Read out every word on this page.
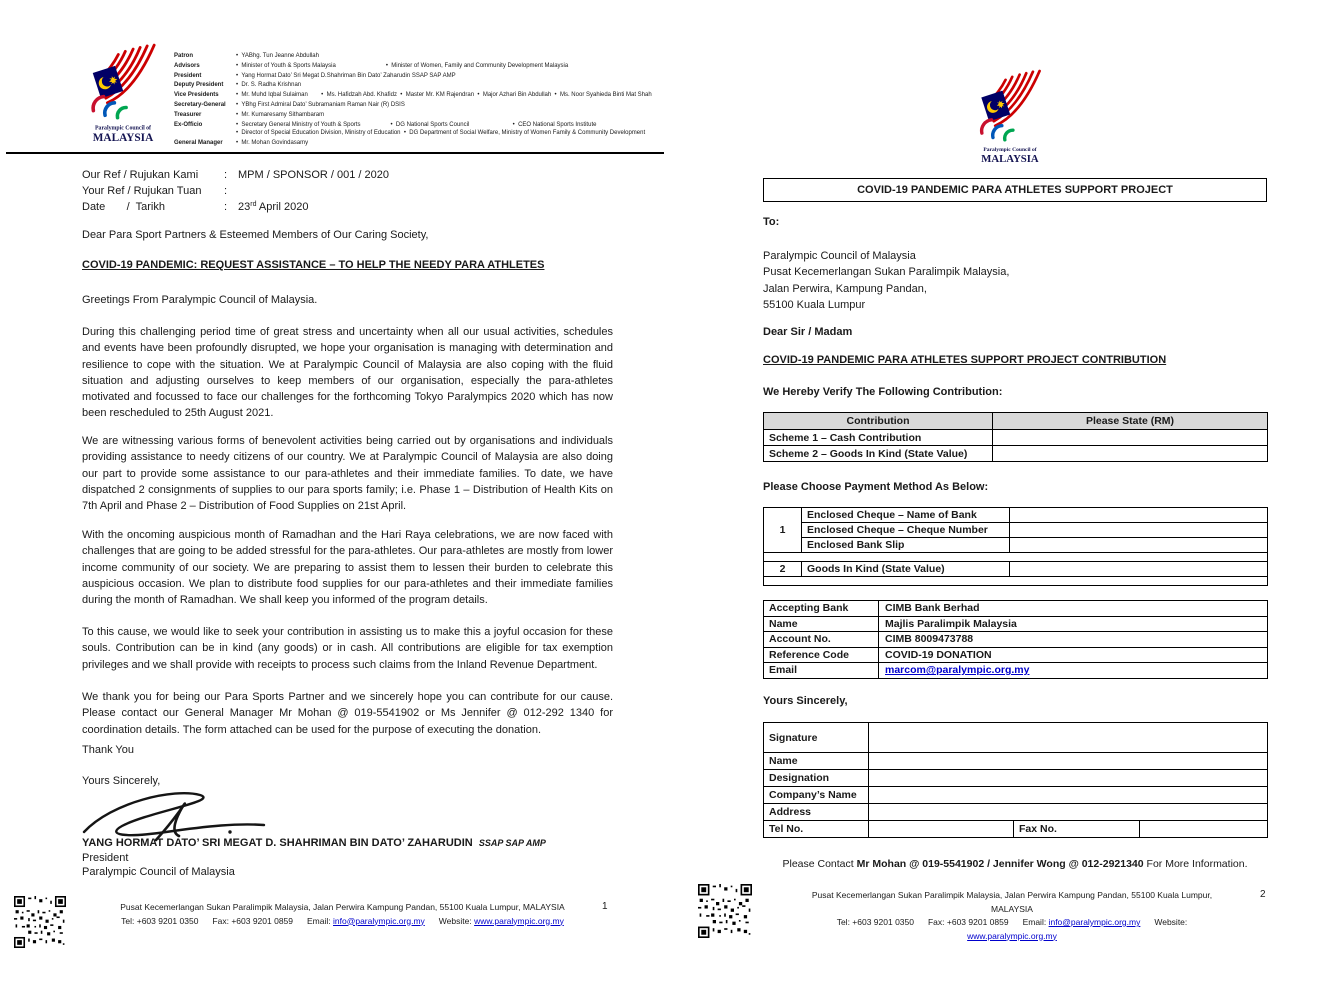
Paralympic Council of
MALAYSIA
Patron	•  YABhg. Tun Jeanne Abdullah
Advisors	•  Minister of Youth & Sports Malaysia                              •  Minister of Women, Family and Community Development Malaysia
President	•  Yang Hormat Dato’ Sri Megat D.Shahriman Bin Dato’ Zaharudin SSAP SAP AMP
Deputy President	•  Dr. S. Radha Krishnan
Vice Presidents	•  Mr. Muhd Iqbal Sulaiman        •  Ms. Hafidzah Abd. Khafidz  •  Master Mr. KM Rajendran  •  Major Azhari Bin Abdullah  •  Ms. Noor Syahieda Binti Mat Shah
Secretary-General	•  YBhg First Admiral Dato’ Subramaniam Raman Nair (R) DSIS
Treasurer	•  Mr. Kumaresamy Sithambaram
Ex-Officio	•  Secretary General Ministry of Youth & Sports                  •  DG National Sports Council                          •  CEO National Sports Institute
•  Director of Special Education Division, Ministry of Education  •  DG Department of Social Welfare, Ministry of Women Family & Community Development
General Manager	•  Mr. Mohan Govindasamy
Our Ref / Rujukan Kami	: MPM / SPONSOR / 001 / 2020
Your Ref / Rujukan Tuan	:
Date       /  Tarikh	: 23rd April 2020
Dear Para Sport Partners & Esteemed Members of Our Caring Society,
COVID-19 PANDEMIC: REQUEST ASSISTANCE – TO HELP THE NEEDY PARA ATHLETES
Greetings From Paralympic Council of Malaysia.
During this challenging period time of great stress and uncertainty when all our usual activities, schedules and events have been profoundly disrupted, we hope your organisation is managing with determination and resilience to cope with the situation. We at Paralympic Council of Malaysia are also coping with the fluid situation and adjusting ourselves to keep members of our organisation, especially the para-athletes motivated and focussed to face our challenges for the forthcoming Tokyo Paralympics 2020 which has now been rescheduled to 25th August 2021.
We are witnessing various forms of benevolent activities being carried out by organisations and individuals providing assistance to needy citizens of our country. We at Paralympic Council of Malaysia are also doing our part to provide some assistance to our para-athletes and their immediate families. To date, we have dispatched 2 consignments of supplies to our para sports family; i.e. Phase 1 – Distribution of Health Kits on 7th April and Phase 2 – Distribution of Food Supplies on 21st April.
With the oncoming auspicious month of Ramadhan and the Hari Raya celebrations, we are now faced with challenges that are going to be added stressful for the para-athletes. Our para-athletes are mostly from lower income community of our society. We are preparing to assist them to lessen their burden to celebrate this auspicious occasion. We plan to distribute food supplies for our para-athletes and their immediate families during the month of Ramadhan. We shall keep you informed of the program details.
To this cause, we would like to seek your contribution in assisting us to make this a joyful occasion for these souls. Contribution can be in kind (any goods) or in cash. All contributions are eligible for tax exemption privileges and we shall provide with receipts to process such claims from the Inland Revenue Department.
We thank you for being our Para Sports Partner and we sincerely hope you can contribute for our cause. Please contact our General Manager Mr Mohan @ 019-5541902 or Ms Jennifer @ 012-292 1340 for coordination details. The form attached can be used for the purpose of executing the donation.
Thank You
Yours Sincerely,
YANG HORMAT DATO’ SRI MEGAT D. SHAHRIMAN BIN DATO’ ZAHARUDIN SSAP SAP AMP
President
Paralympic Council of Malaysia
Pusat Kecemerlangan Sukan Paralimpik Malaysia, Jalan Perwira Kampung Pandan, 55100 Kuala Lumpur, MALAYSIA
Tel: +603 9201 0350 Fax: +603 9201 0859 Email: info@paralympic.org.my Website: www.paralympic.org.my
1
Paralympic Council of
MALAYSIA
COVID-19 PANDEMIC PARA ATHLETES SUPPORT PROJECT
To:
Paralympic Council of Malaysia
Pusat Kecemerlangan Sukan Paralimpik Malaysia,
Jalan Perwira, Kampung Pandan,
55100 Kuala Lumpur
Dear Sir / Madam
COVID-19 PANDEMIC PARA ATHLETES SUPPORT PROJECT CONTRIBUTION
We Hereby Verify The Following Contribution:
Contribution	Please State (RM)
Scheme 1 – Cash Contribution	
Scheme 2 – Goods In Kind (State Value)	
Please Choose Payment Method As Below:
1	Enclosed Cheque – Name of Bank	
	Enclosed Cheque – Cheque Number	
	Enclosed Bank Slip	

2	Goods In Kind (State Value)	

Accepting Bank	CIMB Bank Berhad
Name	Majlis Paralimpik Malaysia
Account No.	CIMB 8009473788
Reference Code	COVID-19 DONATION
Email	marcom@paralympic.org.my
Yours Sincerely,
Signature			
Name			
Designation			
Company’s Name			
Address			
Tel No.		Fax No.	
Please Contact Mr Mohan @ 019-5541902 / Jennifer Wong @ 012-2921340 For More Information.
Pusat Kecemerlangan Sukan Paralimpik Malaysia, Jalan Perwira Kampung Pandan, 55100 Kuala Lumpur, MALAYSIA
Tel: +603 9201 0350 Fax: +603 9201 0859 Email: info@paralympic.org.my Website: www.paralympic.org.my
2
